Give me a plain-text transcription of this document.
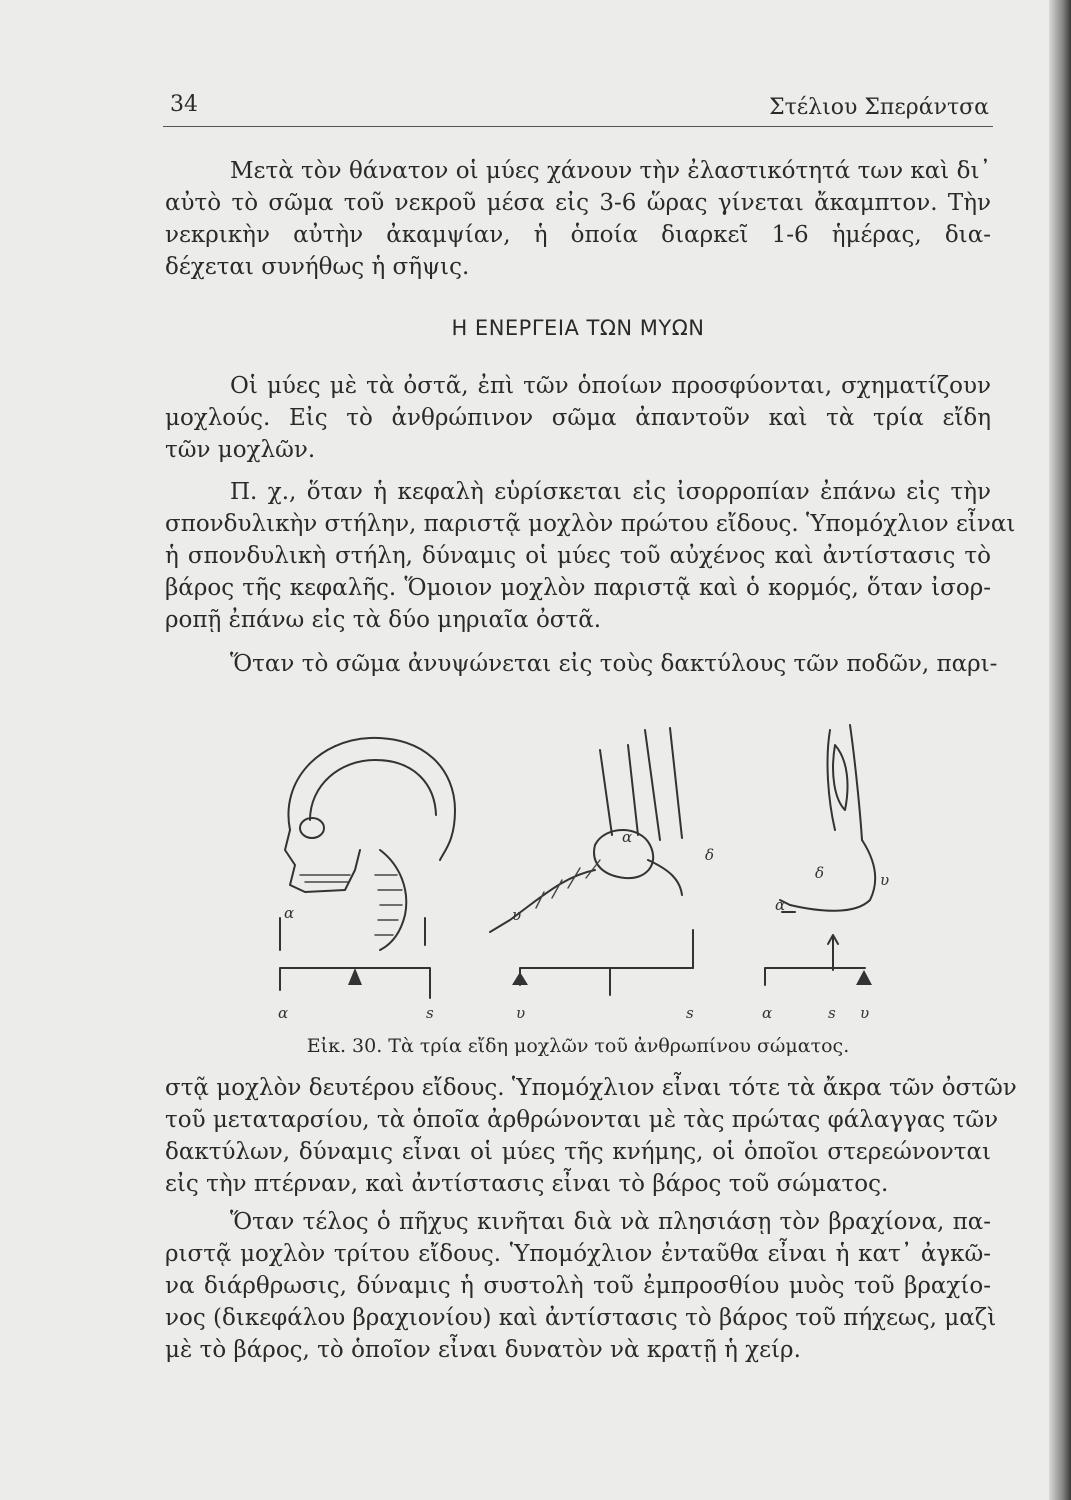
34	Στέλιου Σπεράντσα
Μετὰ τὸν θάνατον οἱ μύες χάνουν τὴν ἐλαστικότητά των καὶ δι᾽
αὐτὸ τὸ σῶμα τοῦ νεκροῦ μέσα εἰς 3-6 ὥρας γίνεται ἄκαμπτον. Τὴν
νεκρικὴν αὐτὴν ἀκαμψίαν, ἡ ὁποία διαρκεῖ 1-6 ἡμέρας, δια-
δέχεται συνήθως ἡ σῆψις.
Η ΕΝΕΡΓΕΙΑ ΤΩΝ ΜΥΩΝ
Οἱ μύες μὲ τὰ ὀστᾶ, ἐπὶ τῶν ὁποίων προσφύονται, σχηματίζουν
μοχλούς. Εἰς τὸ ἀνθρώπινον σῶμα ἀπαντοῦν καὶ τὰ τρία εἴδη
τῶν μοχλῶν.
Π. χ., ὅταν ἡ κεφαλὴ εὑρίσκεται εἰς ἰσορροπίαν ἐπάνω εἰς τὴν
σπονδυλικὴν στήλην, παριστᾷ μοχλὸν πρώτου εἴδους. Ὑπομόχλιον εἶναι
ἡ σπονδυλικὴ στήλη, δύναμις οἱ μύες τοῦ αὐχένος καὶ ἀντίστασις τὸ
βάρος τῆς κεφαλῆς. Ὅμοιον μοχλὸν παριστᾷ καὶ ὁ κορμός, ὅταν ἰσορ-
ροπῇ ἐπάνω εἰς τὰ δύο μηριαῖα ὀστᾶ.
Ὅταν τὸ σῶμα ἀνυψώνεται εἰς τοὺς δακτύλους τῶν ποδῶν, παρι-
α
α	s
α
δ
υ
υ	s
δ	υ
α
α	s υ
Εἰκ. 30. Τὰ τρία εἴδη μοχλῶν τοῦ ἀνθρωπίνου σώματος.
στᾷ μοχλὸν δευτέρου εἴδους. Ὑπομόχλιον εἶναι τότε τὰ ἄκρα τῶν ὀστῶν
τοῦ μεταταρσίου, τὰ ὁποῖα ἀρθρώνονται μὲ τὰς πρώτας φάλαγγας τῶν
δακτύλων, δύναμις εἶναι οἱ μύες τῆς κνήμης, οἱ ὁποῖοι στερεώνονται
εἰς τὴν πτέρναν, καὶ ἀντίστασις εἶναι τὸ βάρος τοῦ σώματος.
Ὅταν τέλος ὁ πῆχυς κινῆται διὰ νὰ πλησιάσῃ τὸν βραχίονα, πα-
ριστᾷ μοχλὸν τρίτου εἴδους. Ὑπομόχλιον ἐνταῦθα εἶναι ἡ κατ᾽ ἀγκῶ-
να διάρθρωσις, δύναμις ἡ συστολὴ τοῦ ἐμπροσθίου μυὸς τοῦ βραχίο-
νος (δικεφάλου βραχιονίου) καὶ ἀντίστασις τὸ βάρος τοῦ πήχεως, μαζὶ
μὲ τὸ βάρος, τὸ ὁποῖον εἶναι δυνατὸν νὰ κρατῇ ἡ χείρ.
